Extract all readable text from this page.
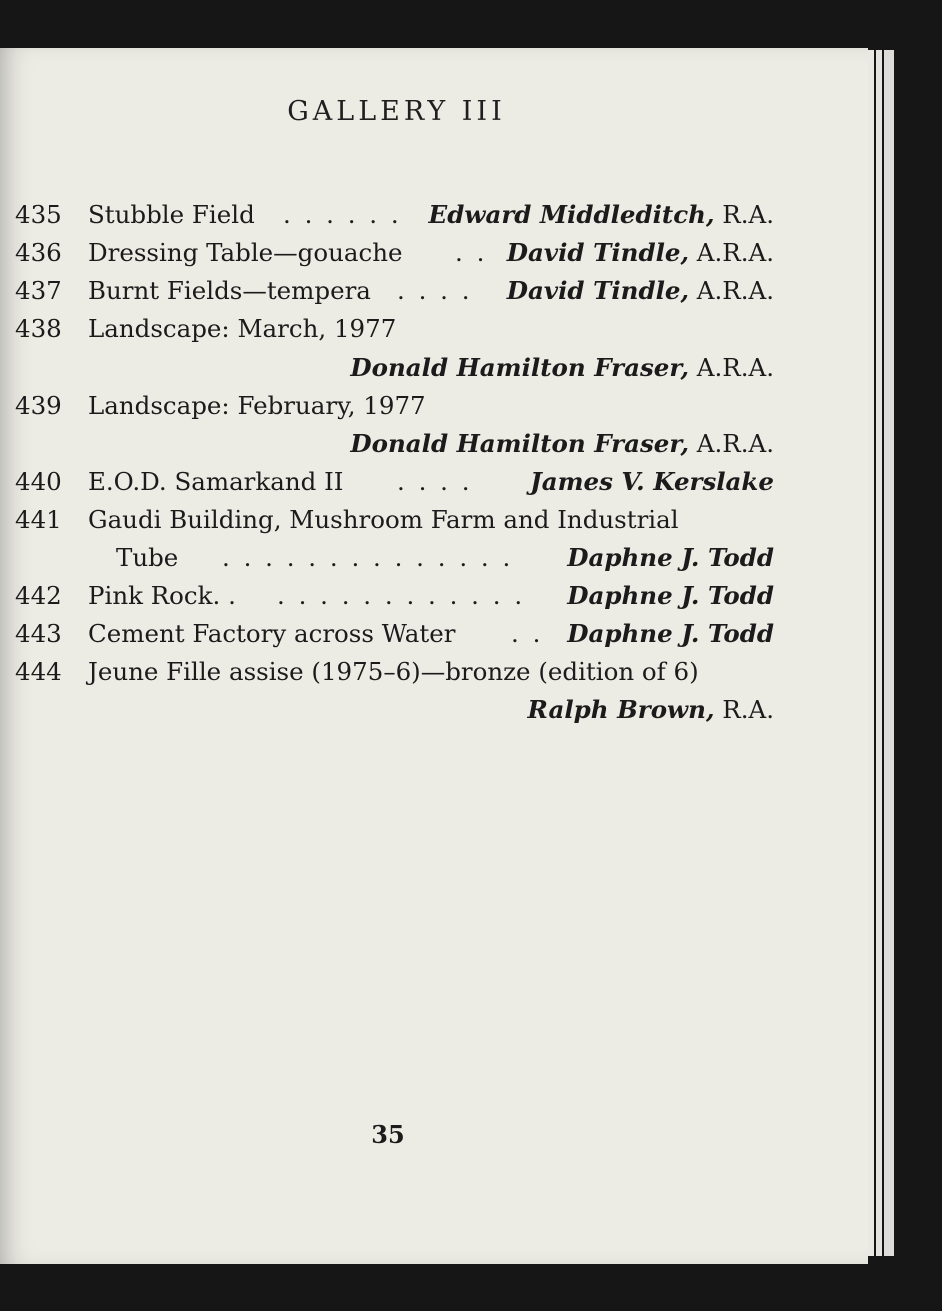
GALLERY III
435	Stubble Field . . . . . . Edward Middleditch, R.A.
436	Dressing Table—gouache . . David Tindle, A.R.A.
437	Burnt Fields—tempera . . . . David Tindle, A.R.A.
438	Landscape: March, 1977
Donald Hamilton Fraser, A.R.A.
439	Landscape: February, 1977
Donald Hamilton Fraser, A.R.A.
440	E.O.D. Samarkand II . . . . James V. Kerslake
441	Gaudi Building, Mushroom Farm and Industrial
Tube . . . . . . . . . . . . . . Daphne J. Todd
442	Pink Rock. . . . . . . . . . . . . . Daphne J. Todd
443	Cement Factory across Water . . Daphne J. Todd
444	Jeune Fille assise (1975–6)—bronze (edition of 6)
Ralph Brown, R.A.
35
